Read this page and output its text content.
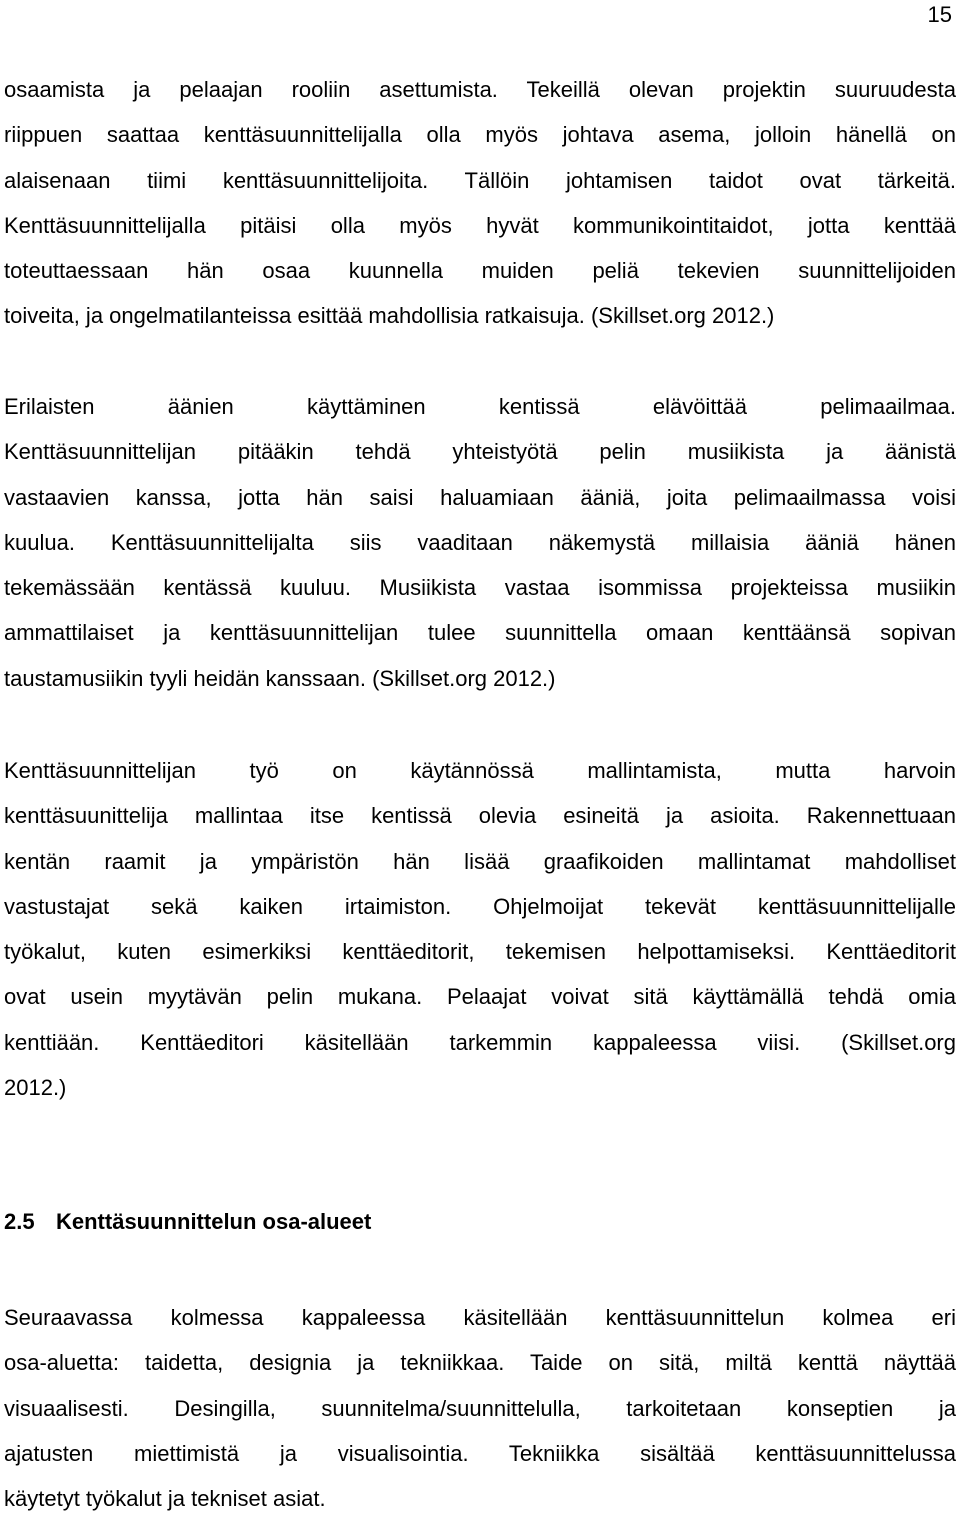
15

osaamista ja pelaajan rooliin asettumista. Tekeillä olevan projektin suuruudesta
riippuen saattaa kenttäsuunnittelijalla olla myös johtava asema, jolloin hänellä on
alaisenaan tiimi kenttäsuunnittelijoita. Tällöin johtamisen taidot ovat tärkeitä.
Kenttäsuunnittelijalla pitäisi olla myös hyvät kommunikointitaidot, jotta kenttää
toteuttaessaan hän osaa kuunnella muiden peliä tekevien suunnittelijoiden
toiveita, ja ongelmatilanteissa esittää mahdollisia ratkaisuja. (Skillset.org 2012.)

Erilaisten äänien käyttäminen kentissä elävöittää pelimaailmaa.
Kenttäsuunnittelijan pitääkin tehdä yhteistyötä pelin musiikista ja äänistä
vastaavien kanssa, jotta hän saisi haluamiaan ääniä, joita pelimaailmassa voisi
kuulua. Kenttäsuunnittelijalta siis vaaditaan näkemystä millaisia ääniä hänen
tekemässään kentässä kuuluu. Musiikista vastaa isommissa projekteissa musiikin
ammattilaiset ja kenttäsuunnittelijan tulee suunnittella omaan kenttäänsä sopivan
taustamusiikin tyyli heidän kanssaan. (Skillset.org 2012.)

Kenttäsuunnittelijan työ on käytännössä mallintamista, mutta harvoin
kenttäsuunittelija mallintaa itse kentissä olevia esineitä ja asioita. Rakennettuaan
kentän raamit ja ympäristön hän lisää graafikoiden mallintamat mahdolliset
vastustajat sekä kaiken irtaimiston. Ohjelmoijat tekevät kenttäsuunnittelijalle
työkalut, kuten esimerkiksi kenttäeditorit, tekemisen helpottamiseksi. Kenttäeditorit
ovat usein myytävän pelin mukana. Pelaajat voivat sitä käyttämällä tehdä omia
kenttiään. Kenttäeditori käsitellään tarkemmin kappaleessa viisi. (Skillset.org
2012.)

2.5 Kenttäsuunnittelun osa-alueet

Seuraavassa kolmessa kappaleessa käsitellään kenttäsuunnittelun kolmea eri
osa-aluetta: taidetta, designia ja tekniikkaa. Taide on sitä, miltä kenttä näyttää
visuaalisesti. Desingilla, suunnitelma/suunnittelulla, tarkoitetaan konseptien ja
ajatusten miettimistä ja visualisointia. Tekniikka sisältää kenttäsuunnittelussa
käytetyt työkalut ja tekniset asiat.
